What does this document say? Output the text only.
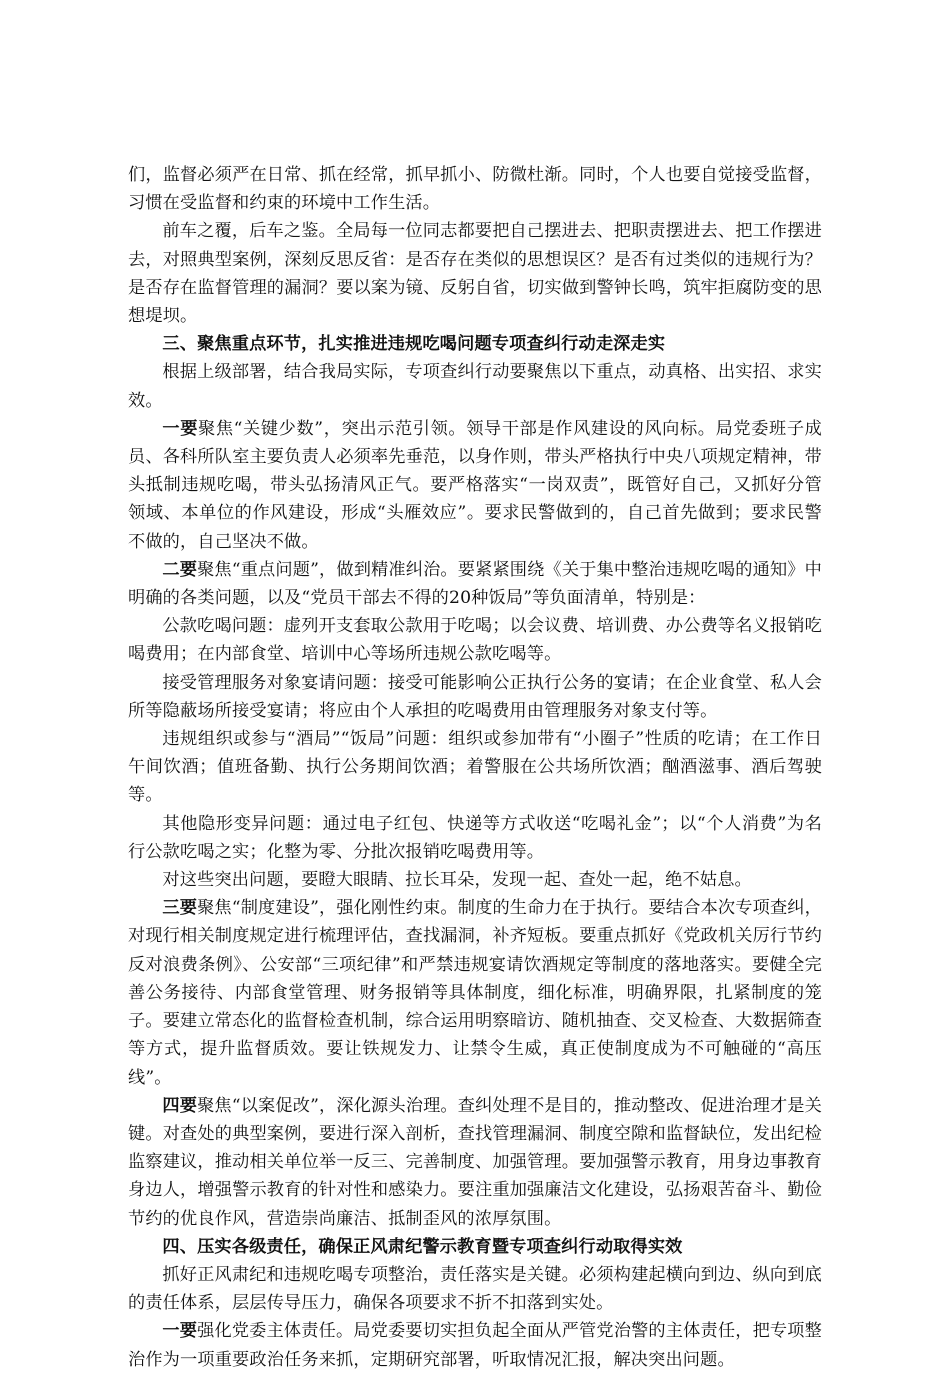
们，监督必须严在日常、抓在经常，抓早抓小、防微杜渐。同时，个人也要自觉接受监督，习惯在受监督和约束的环境中工作生活。

前车之覆，后车之鉴。全局每一位同志都要把自己摆进去、把职责摆进去、把工作摆进去，对照典型案例，深刻反思反省：是否存在类似的思想误区？是否有过类似的违规行为？是否存在监督管理的漏洞？要以案为镜、反躬自省，切实做到警钟长鸣，筑牢拒腐防变的思想堤坝。

三、聚焦重点环节，扎实推进违规吃喝问题专项查纠行动走深走实

根据上级部署，结合我局实际，专项查纠行动要聚焦以下重点，动真格、出实招、求实效。

一要聚焦“关键少数”，突出示范引领。领导干部是作风建设的风向标。局党委班子成员、各科所队室主要负责人必须率先垂范，以身作则，带头严格执行中央八项规定精神，带头抵制违规吃喝，带头弘扬清风正气。要严格落实“一岗双责”，既管好自己，又抓好分管领域、本单位的作风建设，形成“头雁效应”。要求民警做到的，自己首先做到；要求民警不做的，自己坚决不做。

二要聚焦“重点问题”，做到精准纠治。要紧紧围绕《关于集中整治违规吃喝的通知》中明确的各类问题，以及“党员干部去不得的20种饭局”等负面清单，特别是：

公款吃喝问题：虚列开支套取公款用于吃喝；以会议费、培训费、办公费等名义报销吃喝费用；在内部食堂、培训中心等场所违规公款吃喝等。

接受管理服务对象宴请问题：接受可能影响公正执行公务的宴请；在企业食堂、私人会所等隐蔽场所接受宴请；将应由个人承担的吃喝费用由管理服务对象支付等。

违规组织或参与“酒局”“饭局”问题：组织或参加带有“小圈子”性质的吃请；在工作日午间饮酒；值班备勤、执行公务期间饮酒；着警服在公共场所饮酒；酗酒滋事、酒后驾驶等。

其他隐形变异问题：通过电子红包、快递等方式收送“吃喝礼金”；以“个人消费”为名行公款吃喝之实；化整为零、分批次报销吃喝费用等。

对这些突出问题，要瞪大眼睛、拉长耳朵，发现一起、查处一起，绝不姑息。

三要聚焦“制度建设”，强化刚性约束。制度的生命力在于执行。要结合本次专项查纠，对现行相关制度规定进行梳理评估，查找漏洞，补齐短板。要重点抓好《党政机关厉行节约反对浪费条例》、公安部“三项纪律”和严禁违规宴请饮酒规定等制度的落地落实。要健全完善公务接待、内部食堂管理、财务报销等具体制度，细化标准，明确界限，扎紧制度的笼子。要建立常态化的监督检查机制，综合运用明察暗访、随机抽查、交叉检查、大数据筛查等方式，提升监督质效。要让铁规发力、让禁令生威，真正使制度成为不可触碰的“高压线”。

四要聚焦“以案促改”，深化源头治理。查纠处理不是目的，推动整改、促进治理才是关键。对查处的典型案例，要进行深入剖析，查找管理漏洞、制度空隙和监督缺位，发出纪检监察建议，推动相关单位举一反三、完善制度、加强管理。要加强警示教育，用身边事教育身边人，增强警示教育的针对性和感染力。要注重加强廉洁文化建设，弘扬艰苦奋斗、勤俭节约的优良作风，营造崇尚廉洁、抵制歪风的浓厚氛围。

四、压实各级责任，确保正风肃纪警示教育暨专项查纠行动取得实效

抓好正风肃纪和违规吃喝专项整治，责任落实是关键。必须构建起横向到边、纵向到底的责任体系，层层传导压力，确保各项要求不折不扣落到实处。

一要强化党委主体责任。局党委要切实担负起全面从严管党治警的主体责任，把专项整治作为一项重要政治任务来抓，定期研究部署，听取情况汇报，解决突出问题。
